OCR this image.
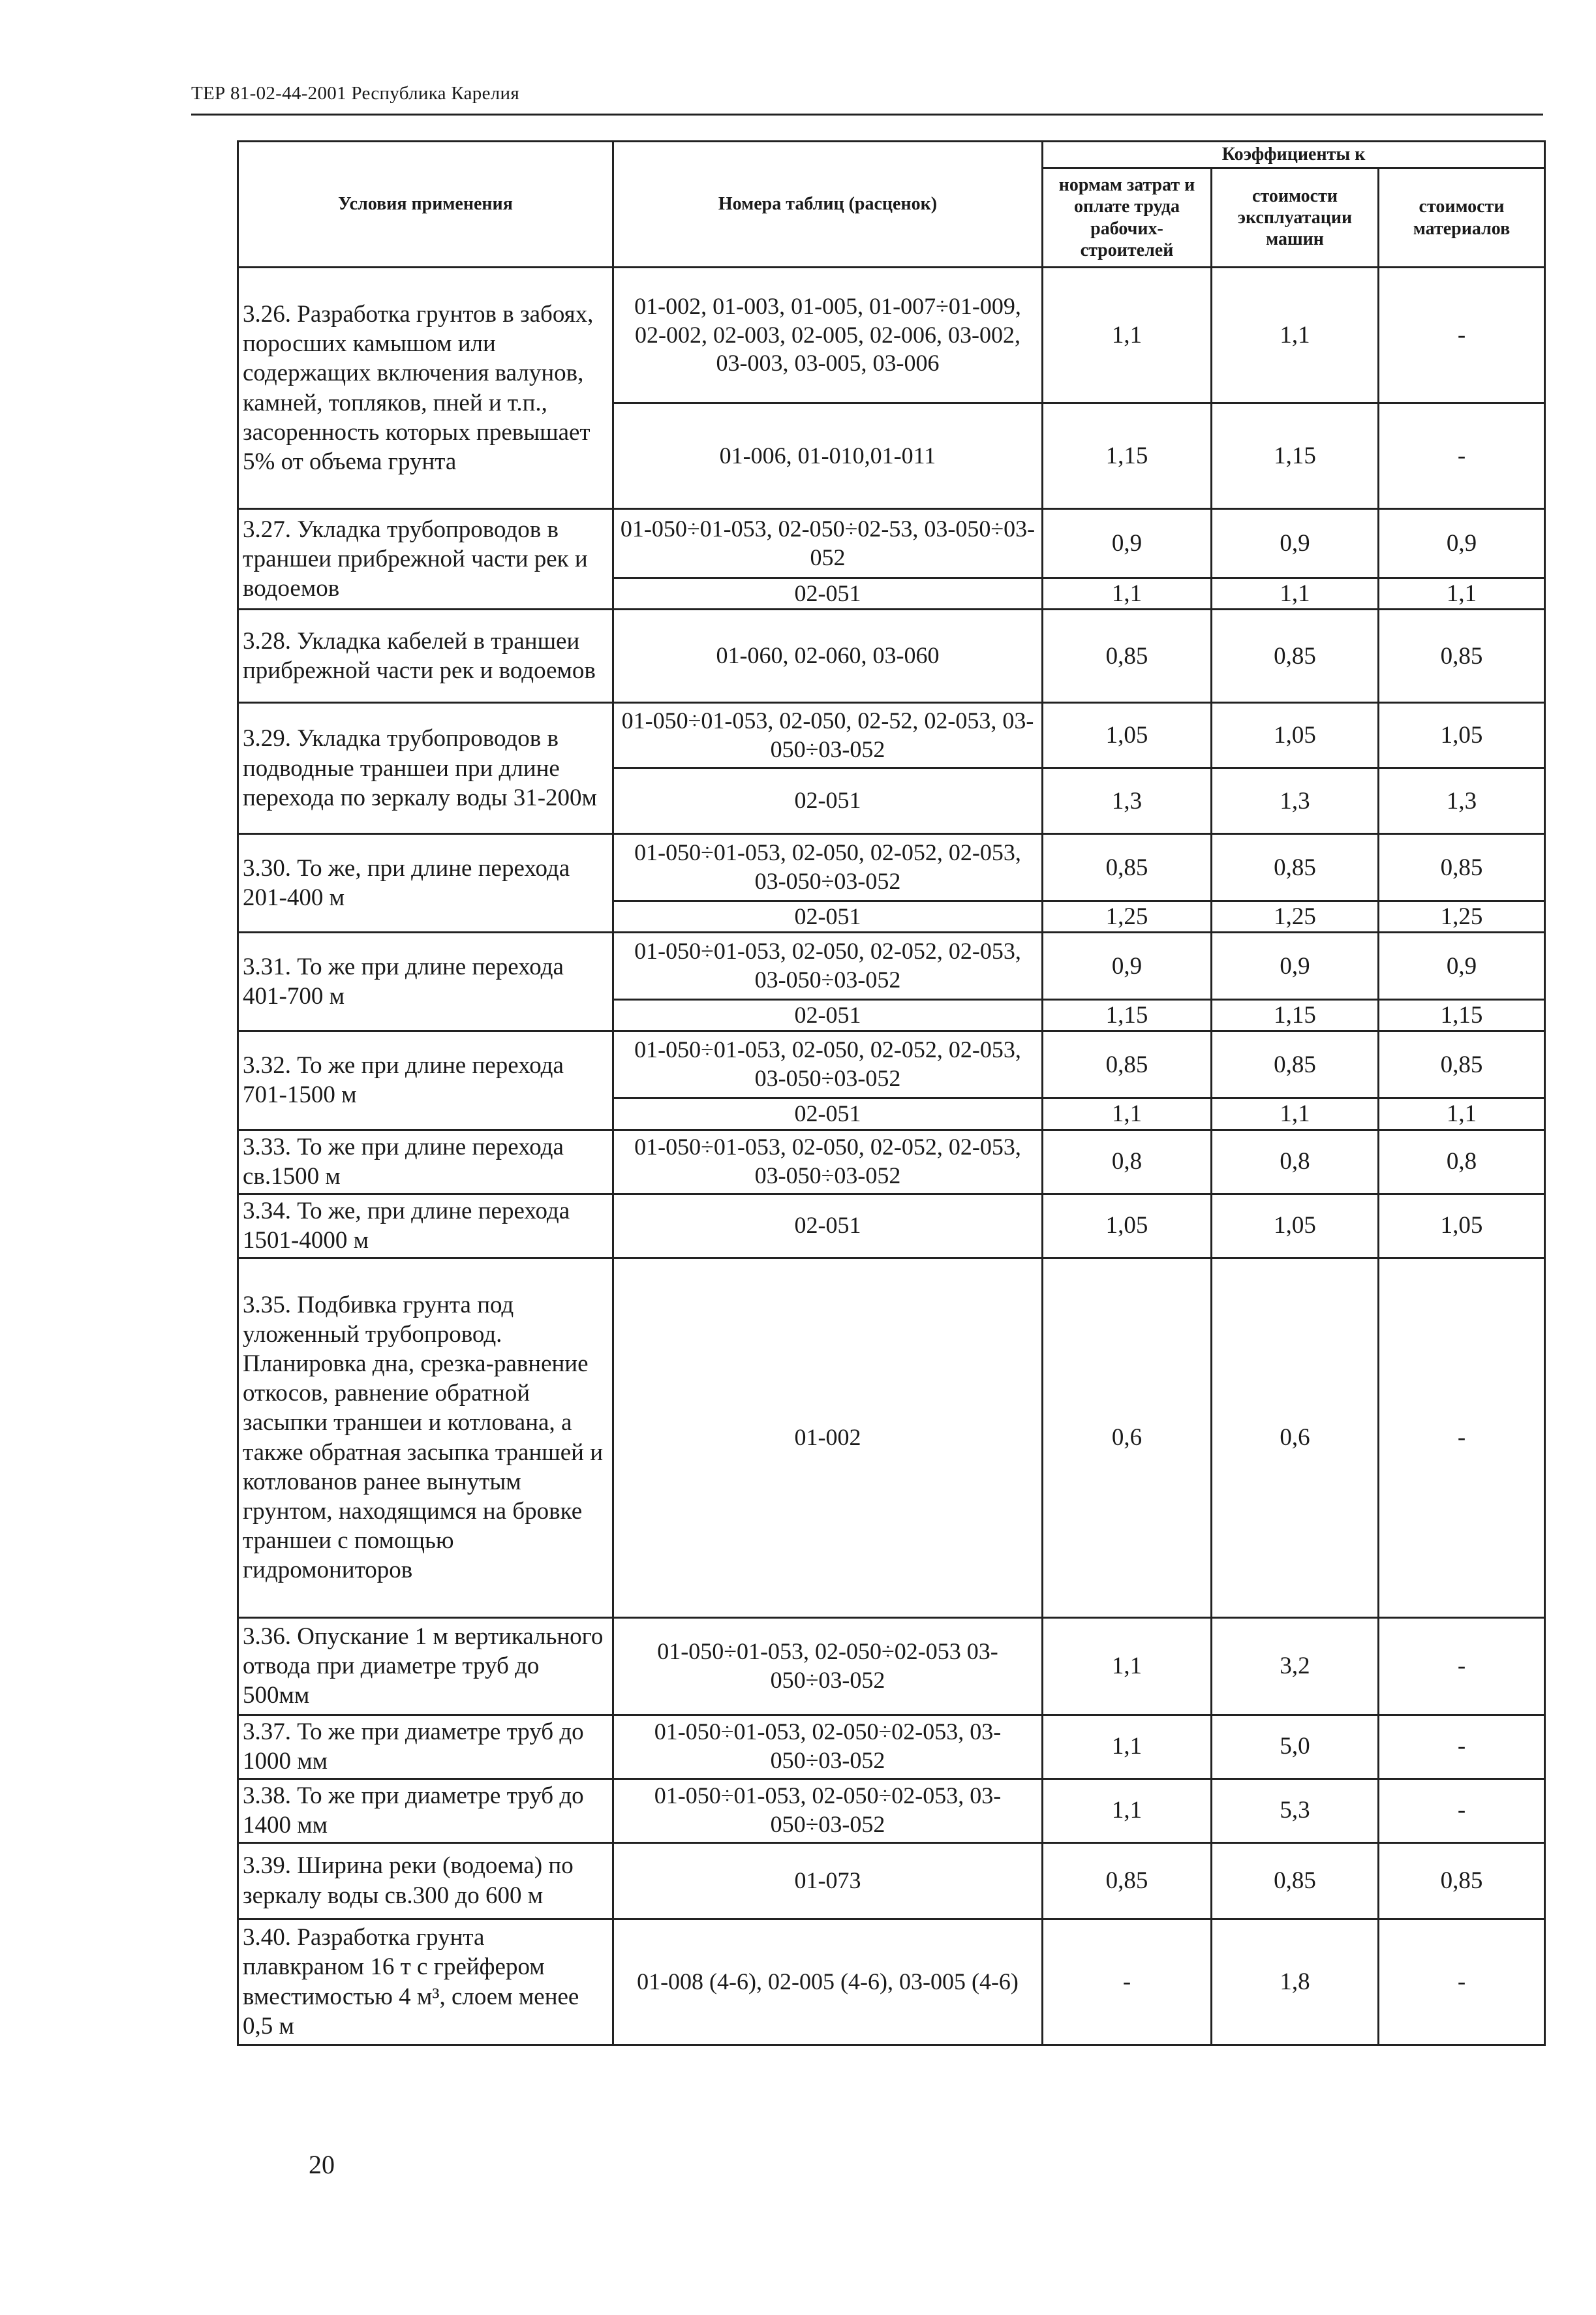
ТЕР 81-02-44-2001 Республика Карелия
Условия применения	Номера таблиц (расценок)	Коэффициенты к		
		нормам затрат и оплате труда рабочих-строителей	стоимости эксплуатации машин	стоимости материалов
3.26. Разработка грунтов в забоях, поросших камышом или содержащих включения валунов, камней, топляков, пней и т.п., засоренность которых превышает 5% от объема грунта	01-002, 01-003, 01-005, 01-007÷01-009, 02-002, 02-003, 02-005, 02-006, 03-002, 03-003, 03-005, 03-006	1,1	1,1	-
	01-006, 01-010,01-011	1,15	1,15	-
3.27. Укладка трубопроводов в траншеи прибрежной части рек и водоемов	01-050÷01-053, 02-050÷02-53, 03-050÷03-052	0,9	0,9	0,9
	02-051	1,1	1,1	1,1
3.28. Укладка кабелей в траншеи прибрежной части рек и водоемов	01-060, 02-060, 03-060	0,85	0,85	0,85
3.29. Укладка трубопроводов в подводные траншеи при длине перехода по зеркалу воды 31-200м	01-050÷01-053, 02-050, 02-52, 02-053, 03-050÷03-052	1,05	1,05	1,05
	02-051	1,3	1,3	1,3
3.30. То же, при длине перехода 201-400 м	01-050÷01-053, 02-050, 02-052, 02-053, 03-050÷03-052	0,85	0,85	0,85
	02-051	1,25	1,25	1,25
3.31. То же при длине перехода 401-700 м	01-050÷01-053, 02-050, 02-052, 02-053, 03-050÷03-052	0,9	0,9	0,9
	02-051	1,15	1,15	1,15
3.32. То же при длине перехода 701-1500 м	01-050÷01-053, 02-050, 02-052, 02-053, 03-050÷03-052	0,85	0,85	0,85
	02-051	1,1	1,1	1,1
3.33. То же при длине перехода св.1500 м	01-050÷01-053, 02-050, 02-052, 02-053, 03-050÷03-052	0,8	0,8	0,8
3.34. То же, при длине перехода 1501-4000 м	02-051	1,05	1,05	1,05
3.35. Подбивка грунта под уложенный трубопровод. Планировка дна, срезка-равнение откосов, равнение обратной засыпки траншеи и котлована, а также обратная засыпка траншей и котлованов ранее вынутым грунтом, находящимся на бровке траншеи с помощью гидромониторов	01-002	0,6	0,6	-
3.36. Опускание 1 м вертикального отвода при диаметре труб до 500мм	01-050÷01-053, 02-050÷02-053 03-050÷03-052	1,1	3,2	-
3.37. То же при диаметре труб до 1000 мм	01-050÷01-053, 02-050÷02-053, 03-050÷03-052	1,1	5,0	-
3.38. То же при диаметре труб до 1400 мм	01-050÷01-053, 02-050÷02-053, 03-050÷03-052	1,1	5,3	-
3.39. Ширина реки (водоема) по зеркалу воды св.300 до 600 м	01-073	0,85	0,85	0,85
3.40. Разработка грунта плавкраном 16 т с грейфером вместимостью 4 м³, слоем менее 0,5 м	01-008 (4-6), 02-005 (4-6), 03-005 (4-6)	-	1,8	-
20
